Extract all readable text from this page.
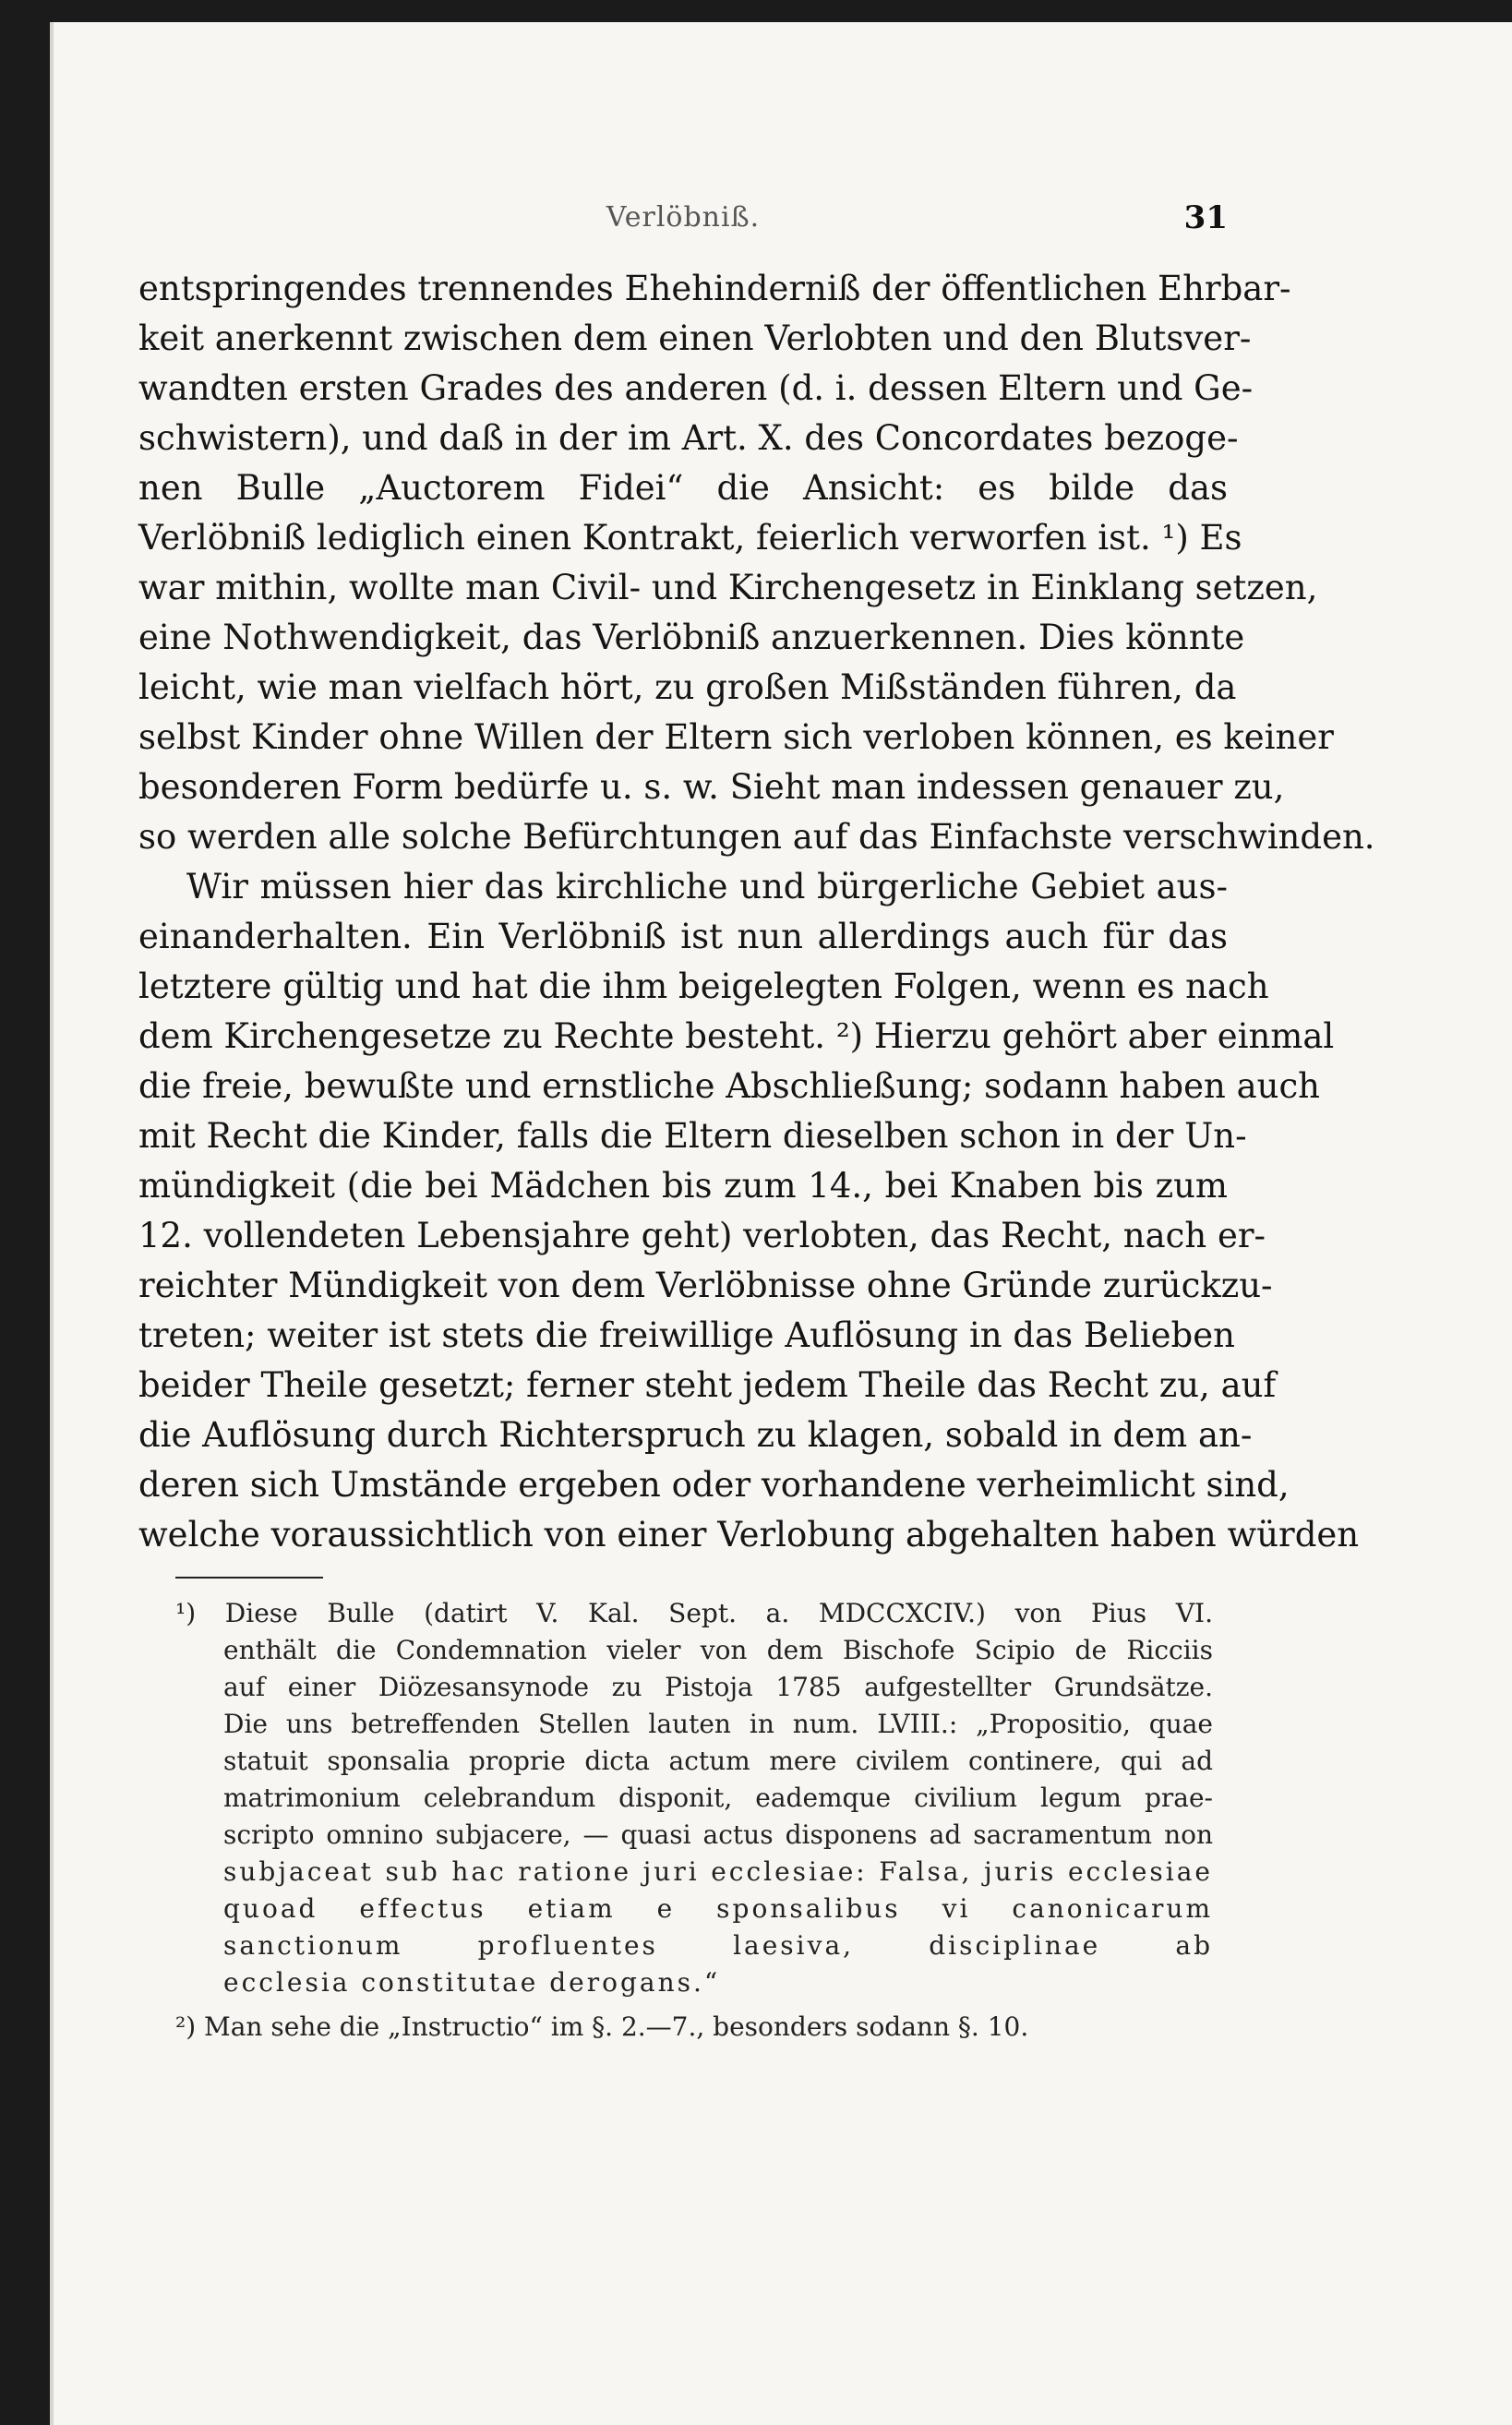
Verlöbniß.	31
entspringendes trennendes Ehehinderniß der öffentlichen Ehrbar-
keit anerkennt zwischen dem einen Verlobten und den Blutsver-
wandten ersten Grades des anderen (d. i. dessen Eltern und Ge-
schwistern), und daß in der im Art. X. des Concordates bezoge-
nen Bulle „Auctorem Fidei“ die Ansicht: es bilde das
Verlöbniß lediglich einen Kontrakt, feierlich verworfen ist. ¹) Es
war mithin, wollte man Civil- und Kirchengesetz in Einklang setzen,
eine Nothwendigkeit, das Verlöbniß anzuerkennen. Dies könnte
leicht, wie man vielfach hört, zu großen Mißständen führen, da
selbst Kinder ohne Willen der Eltern sich verloben können, es keiner
besonderen Form bedürfe u. s. w. Sieht man indessen genauer zu,
so werden alle solche Befürchtungen auf das Einfachste verschwinden.
Wir müssen hier das kirchliche und bürgerliche Gebiet aus-
einanderhalten. Ein Verlöbniß ist nun allerdings auch für das
letztere gültig und hat die ihm beigelegten Folgen, wenn es nach
dem Kirchengesetze zu Rechte besteht. ²) Hierzu gehört aber einmal
die freie, bewußte und ernstliche Abschließung; sodann haben auch
mit Recht die Kinder, falls die Eltern dieselben schon in der Un-
mündigkeit (die bei Mädchen bis zum 14., bei Knaben bis zum
12. vollendeten Lebensjahre geht) verlobten, das Recht, nach er-
reichter Mündigkeit von dem Verlöbnisse ohne Gründe zurückzu-
treten; weiter ist stets die freiwillige Auflösung in das Belieben
beider Theile gesetzt; ferner steht jedem Theile das Recht zu, auf
die Auflösung durch Richterspruch zu klagen, sobald in dem an-
deren sich Umstände ergeben oder vorhandene verheimlicht sind,
welche voraussichtlich von einer Verlobung abgehalten haben würden
¹) Diese Bulle (datirt V. Kal. Sept. a. MDCCXCIV.) von Pius VI.
enthält die Condemnation vieler von dem Bischofe Scipio de Ricciis
auf einer Diözesansynode zu Pistoja 1785 aufgestellter Grundsätze.
Die uns betreffenden Stellen lauten in num. LVIII.: „Propositio, quae
statuit sponsalia proprie dicta actum mere civilem continere, qui ad
matrimonium celebrandum disponit, eademque civilium legum prae-
scripto omnino subjacere, — quasi actus disponens ad sacramentum non
subjaceat sub hac ratione juri ecclesiae: Falsa, juris ecclesiae
quoad effectus etiam e sponsalibus vi canonicarum
sanctionum profluentes laesiva, disciplinae ab
ecclesia constitutae derogans.“
²) Man sehe die „Instructio“ im §. 2.—7., besonders sodann §. 10.
